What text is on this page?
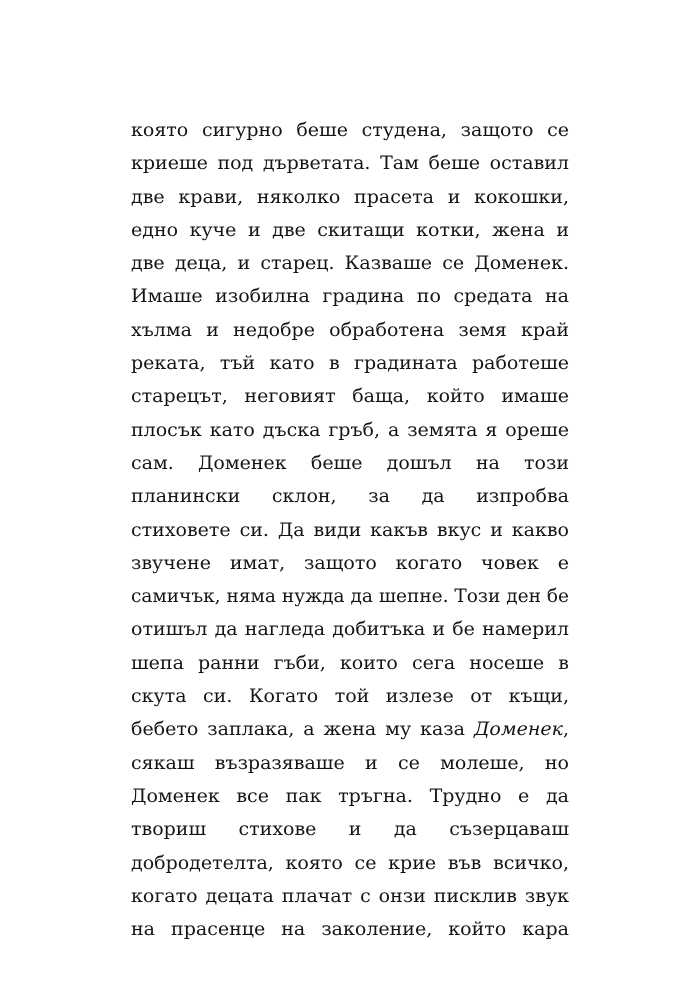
която сигурно беше студена, защото се
криеше под дърветата. Там беше оставил
две крави, няколко прасета и кокошки,
едно куче и две скитащи котки, жена и
две деца, и старец. Казваше се Доменек.
Имаше изобилна градина по средата на
хълма и недобре обработена земя край
реката, тъй като в градината работеше
старецът, неговият баща, който имаше
плосък като дъска гръб, а земята я ореше
сам. Доменек беше дошъл на този
планински склон, за да изпробва
стиховете си. Да види какъв вкус и какво
звучене имат, защото когато човек е
самичък, няма нужда да шепне. Този ден бе
отишъл да нагледа добитъка и бе намерил
шепа ранни гъби, които сега носеше в
скута си. Когато той излезе от къщи,
бебето заплака, а жена му каза Доменек,
сякаш възразяваше и се молеше, но
Доменек все пак тръгна. Трудно е да
твориш стихове и да съзерцаваш
добродетелта, която се крие във всичко,
когато децата плачат с онзи писклив звук
на прасенце на заколение, който кара
